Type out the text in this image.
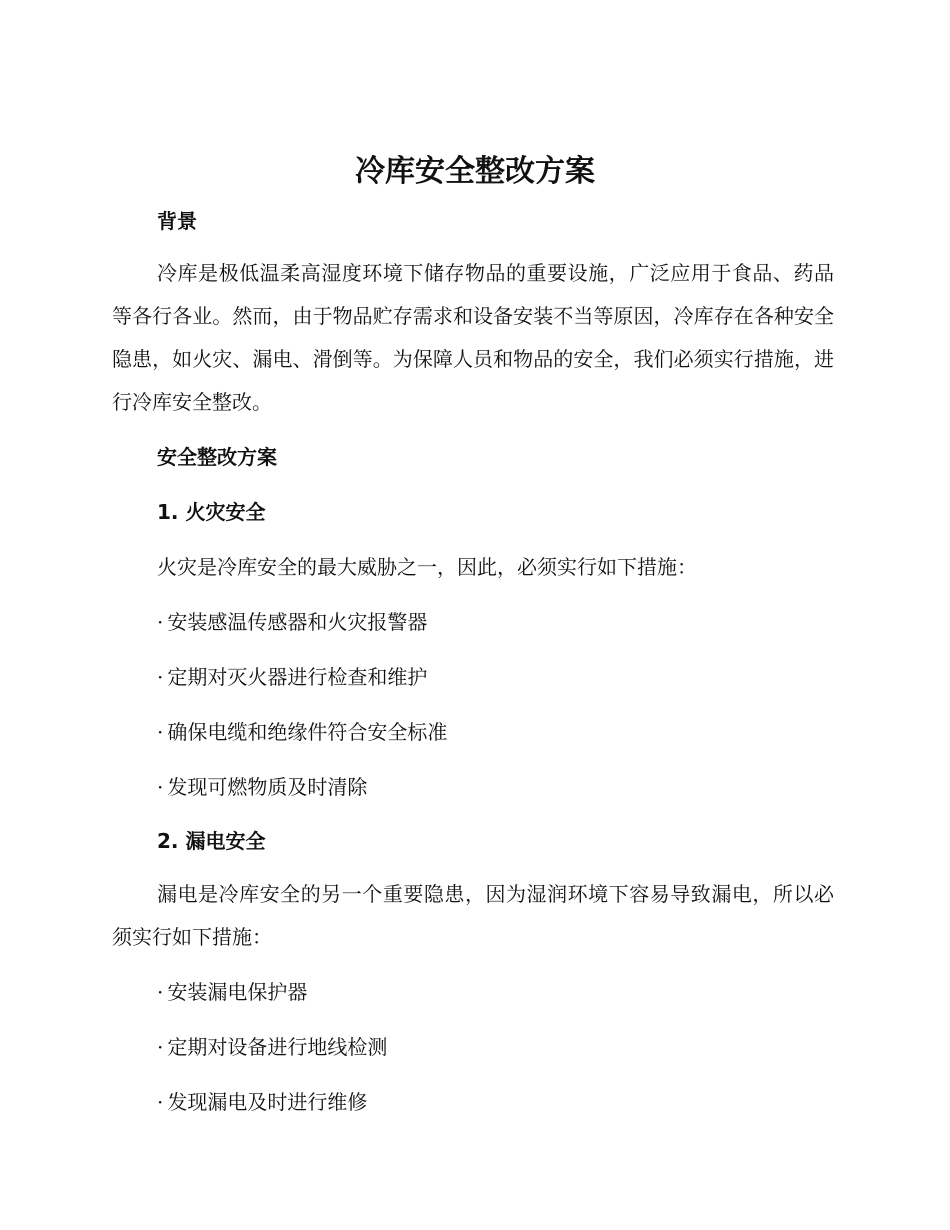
冷库安全整改方案
背景

冷库是极低温柔高湿度环境下储存物品的重要设施，广泛应用于食品、药品等各行各业。然而，由于物品贮存需求和设备安装不当等原因，冷库存在各种安全隐患，如火灾、漏电、滑倒等。为保障人员和物品的安全，我们必须实行措施，进行冷库安全整改。

安全整改方案
1. 火灾安全

火灾是冷库安全的最大威胁之一，因此，必须实行如下措施：

· 安装感温传感器和火灾报警器

· 定期对灭火器进行检查和维护

· 确保电缆和绝缘件符合安全标准

· 发现可燃物质及时清除

2. 漏电安全

漏电是冷库安全的另一个重要隐患，因为湿润环境下容易导致漏电，所以必须实行如下措施：

· 安装漏电保护器

· 定期对设备进行地线检测

· 发现漏电及时进行维修
